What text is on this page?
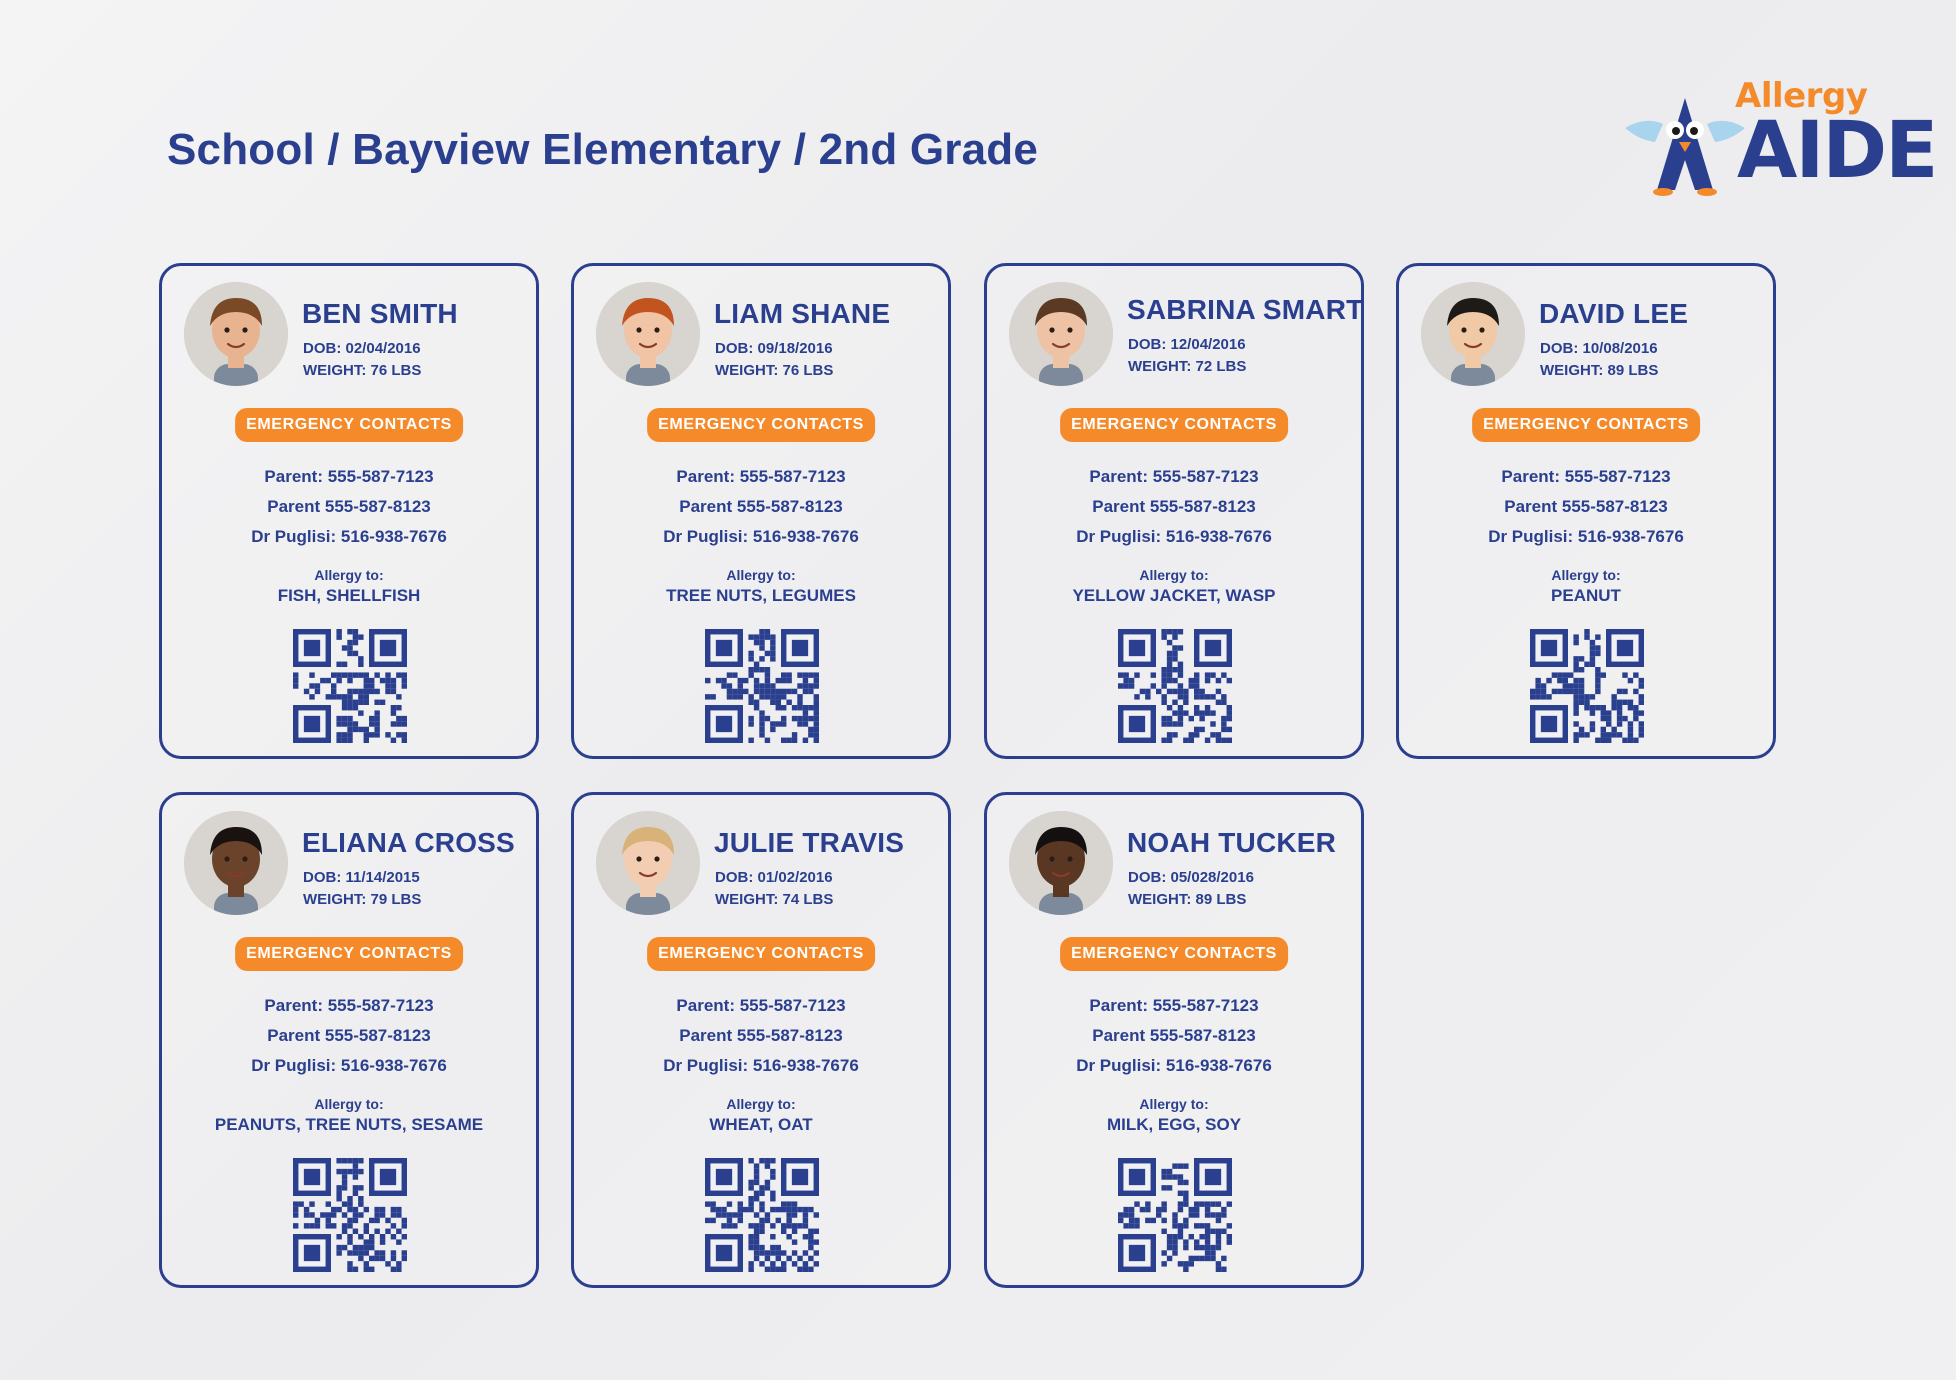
School / Bayview Elementary / 2nd Grade
Allergy
AIDE
BEN SMITH
DOB: 02/04/2016
WEIGHT: 76 LBS
EMERGENCY CONTACTS
Parent: 555-587-7123
Parent 555-587-8123
Dr Puglisi: 516-938-7676
Allergy to:
FISH, SHELLFISH
LIAM SHANE
DOB: 09/18/2016
WEIGHT: 76 LBS
EMERGENCY CONTACTS
Parent: 555-587-7123
Parent 555-587-8123
Dr Puglisi: 516-938-7676
Allergy to:
TREE NUTS, LEGUMES
SABRINA SMART
DOB: 12/04/2016
WEIGHT: 72 LBS
EMERGENCY CONTACTS
Parent: 555-587-7123
Parent 555-587-8123
Dr Puglisi: 516-938-7676
Allergy to:
YELLOW JACKET, WASP
DAVID LEE
DOB: 10/08/2016
WEIGHT: 89 LBS
EMERGENCY CONTACTS
Parent: 555-587-7123
Parent 555-587-8123
Dr Puglisi: 516-938-7676
Allergy to:
PEANUT
ELIANA CROSS
DOB: 11/14/2015
WEIGHT: 79 LBS
EMERGENCY CONTACTS
Parent: 555-587-7123
Parent 555-587-8123
Dr Puglisi: 516-938-7676
Allergy to:
PEANUTS, TREE NUTS, SESAME
JULIE TRAVIS
DOB: 01/02/2016
WEIGHT: 74 LBS
EMERGENCY CONTACTS
Parent: 555-587-7123
Parent 555-587-8123
Dr Puglisi: 516-938-7676
Allergy to:
WHEAT, OAT
NOAH TUCKER
DOB: 05/028/2016
WEIGHT: 89 LBS
EMERGENCY CONTACTS
Parent: 555-587-7123
Parent 555-587-8123
Dr Puglisi: 516-938-7676
Allergy to:
MILK, EGG, SOY
